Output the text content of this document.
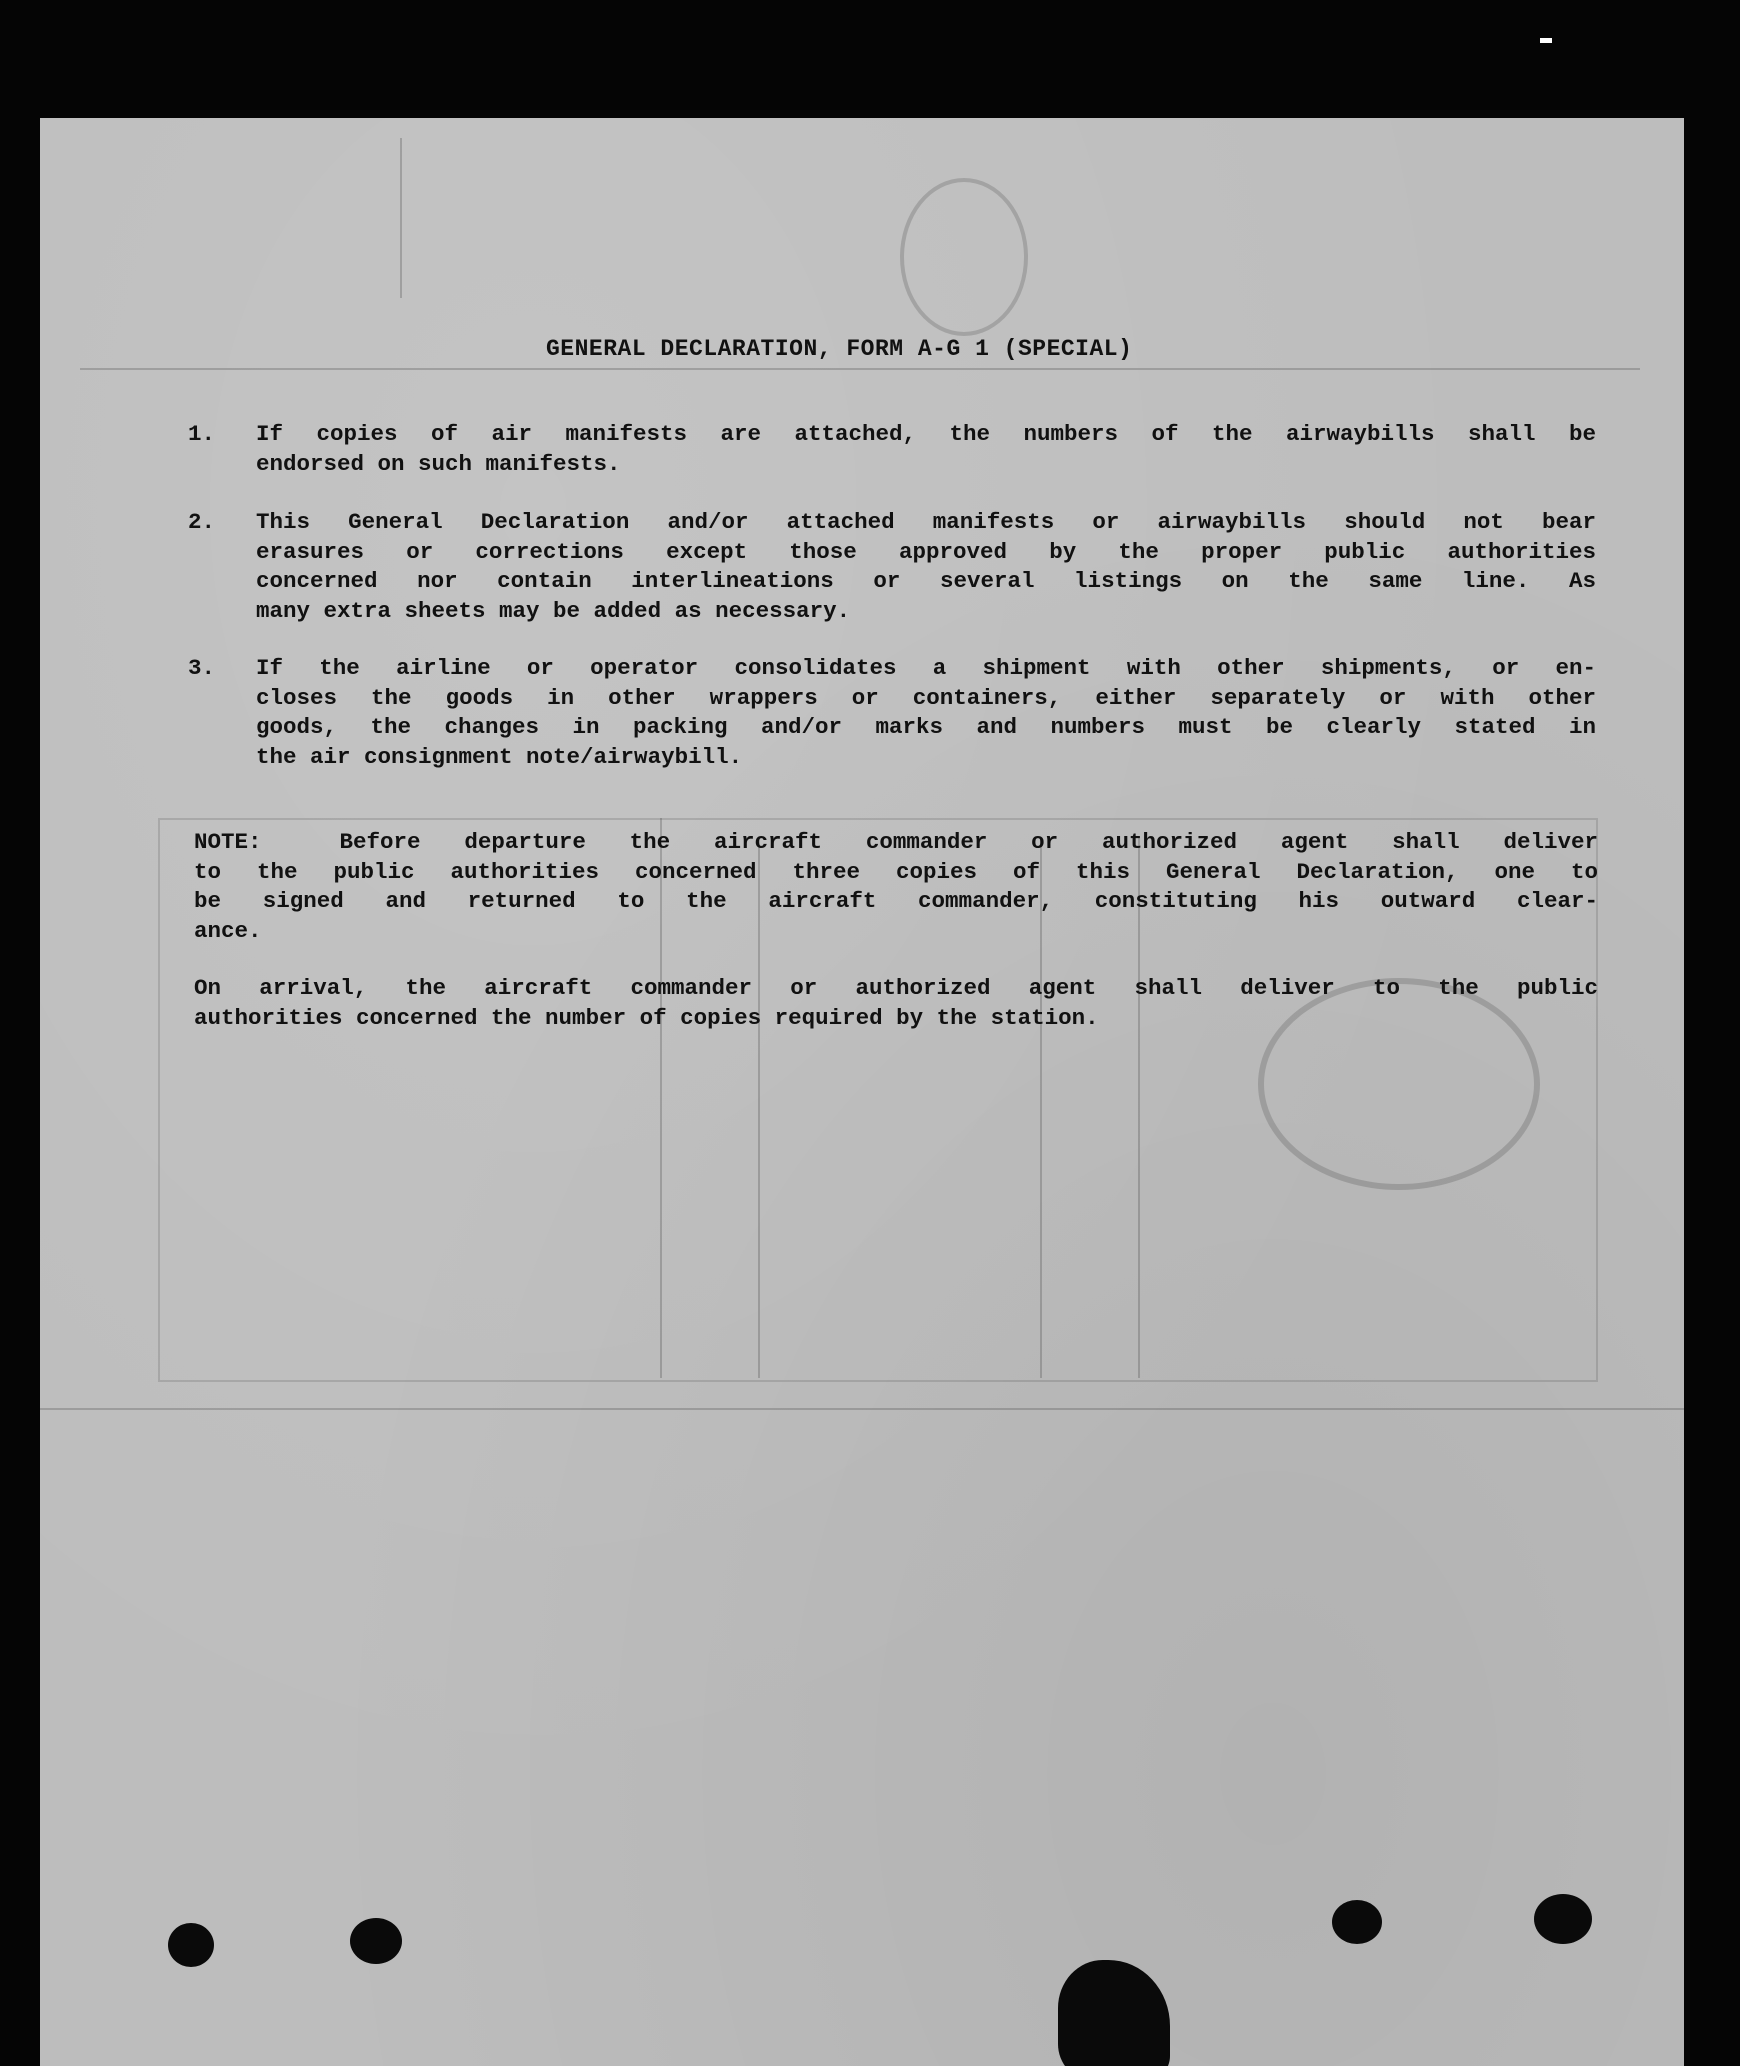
GENERAL DECLARATION, FORM A-G 1 (SPECIAL)
1. If copies of air manifests are attached, the numbers of the airwaybills shall be
endorsed on such manifests.
2. This General Declaration and/or attached manifests or airwaybills should not bear
erasures or corrections except those approved by the proper public authorities
concerned nor contain interlineations or several listings on the same line. As
many extra sheets may be added as necessary.
3. If the airline or operator consolidates a shipment with other shipments, or en-
closes the goods in other wrappers or containers, either separately or with other
goods, the changes in packing and/or marks and numbers must be clearly stated in
the air consignment note/airwaybill.
NOTE:	Before departure the aircraft commander or authorized agent shall deliver
to the public authorities concerned three copies of this General Declaration, one to
be signed and returned to the aircraft commander, constituting his outward clear-
ance.
On arrival, the aircraft commander or authorized agent shall deliver to the public
authorities concerned the number of copies required by the station.
